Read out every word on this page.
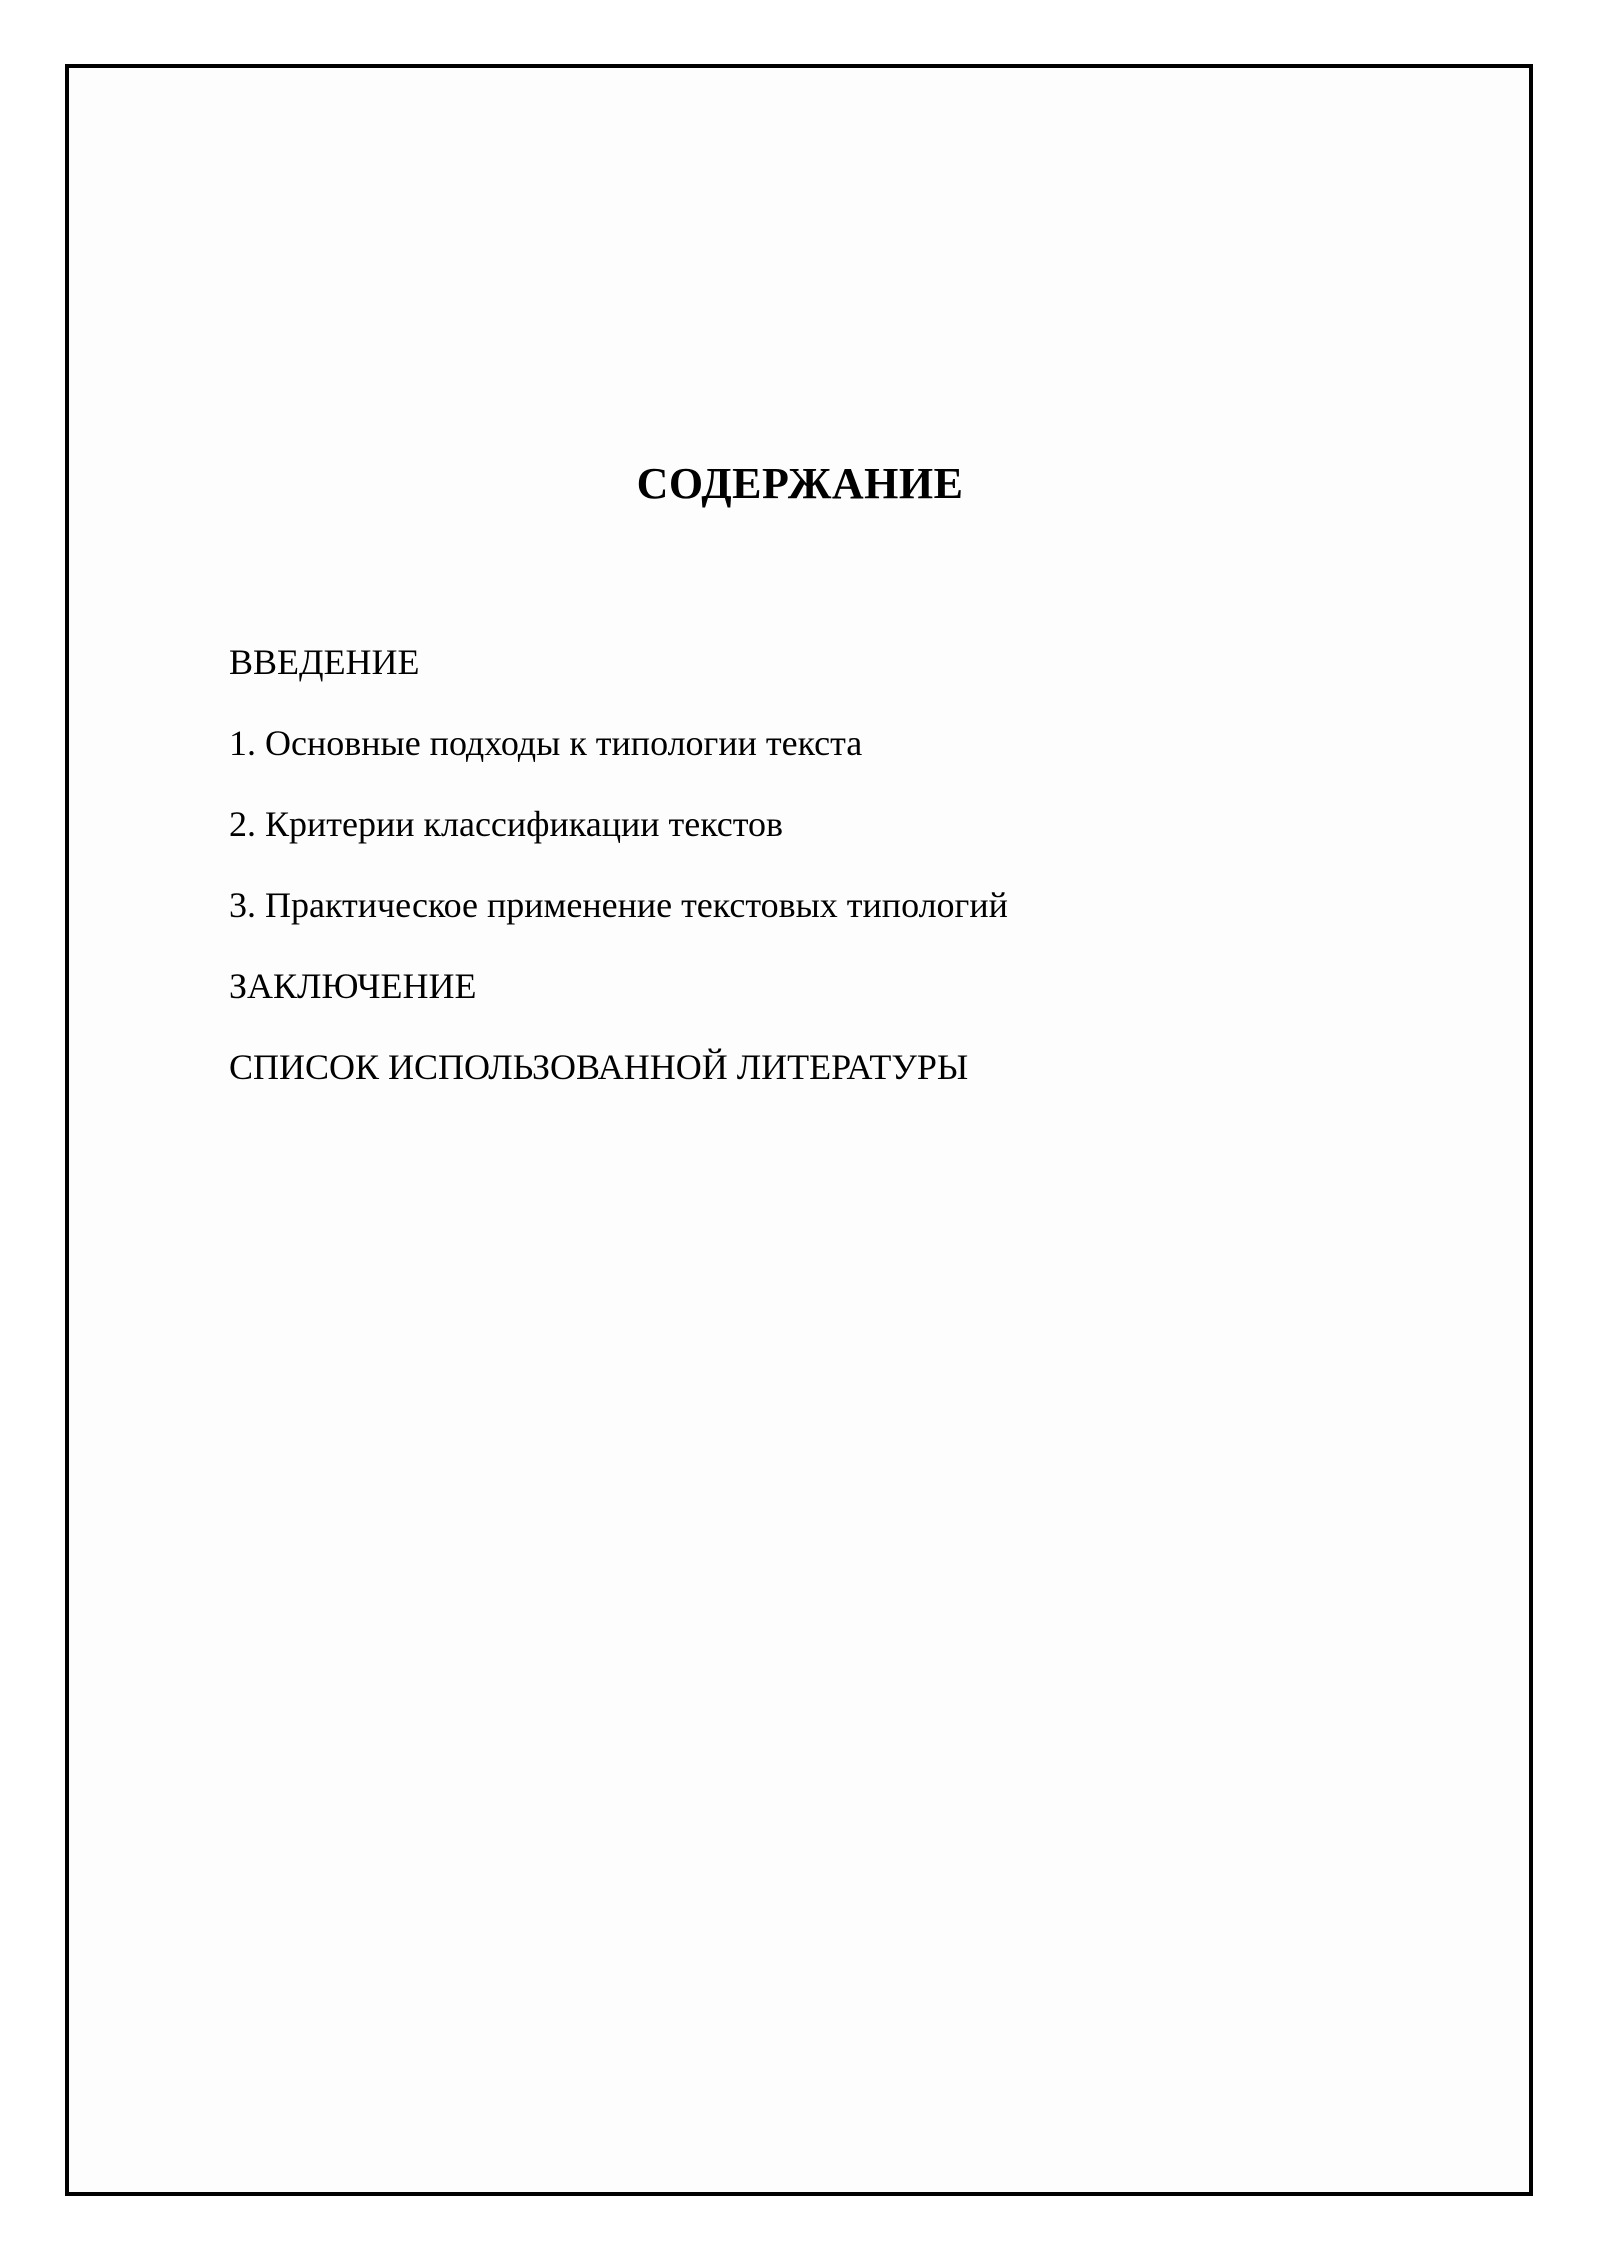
СОДЕРЖАНИЕ
ВВЕДЕНИЕ
1. Основные подходы к типологии текста
2. Критерии классификации текстов
3. Практическое применение текстовых типологий
ЗАКЛЮЧЕНИЕ
СПИСОК ИСПОЛЬЗОВАННОЙ ЛИТЕРАТУРЫ
